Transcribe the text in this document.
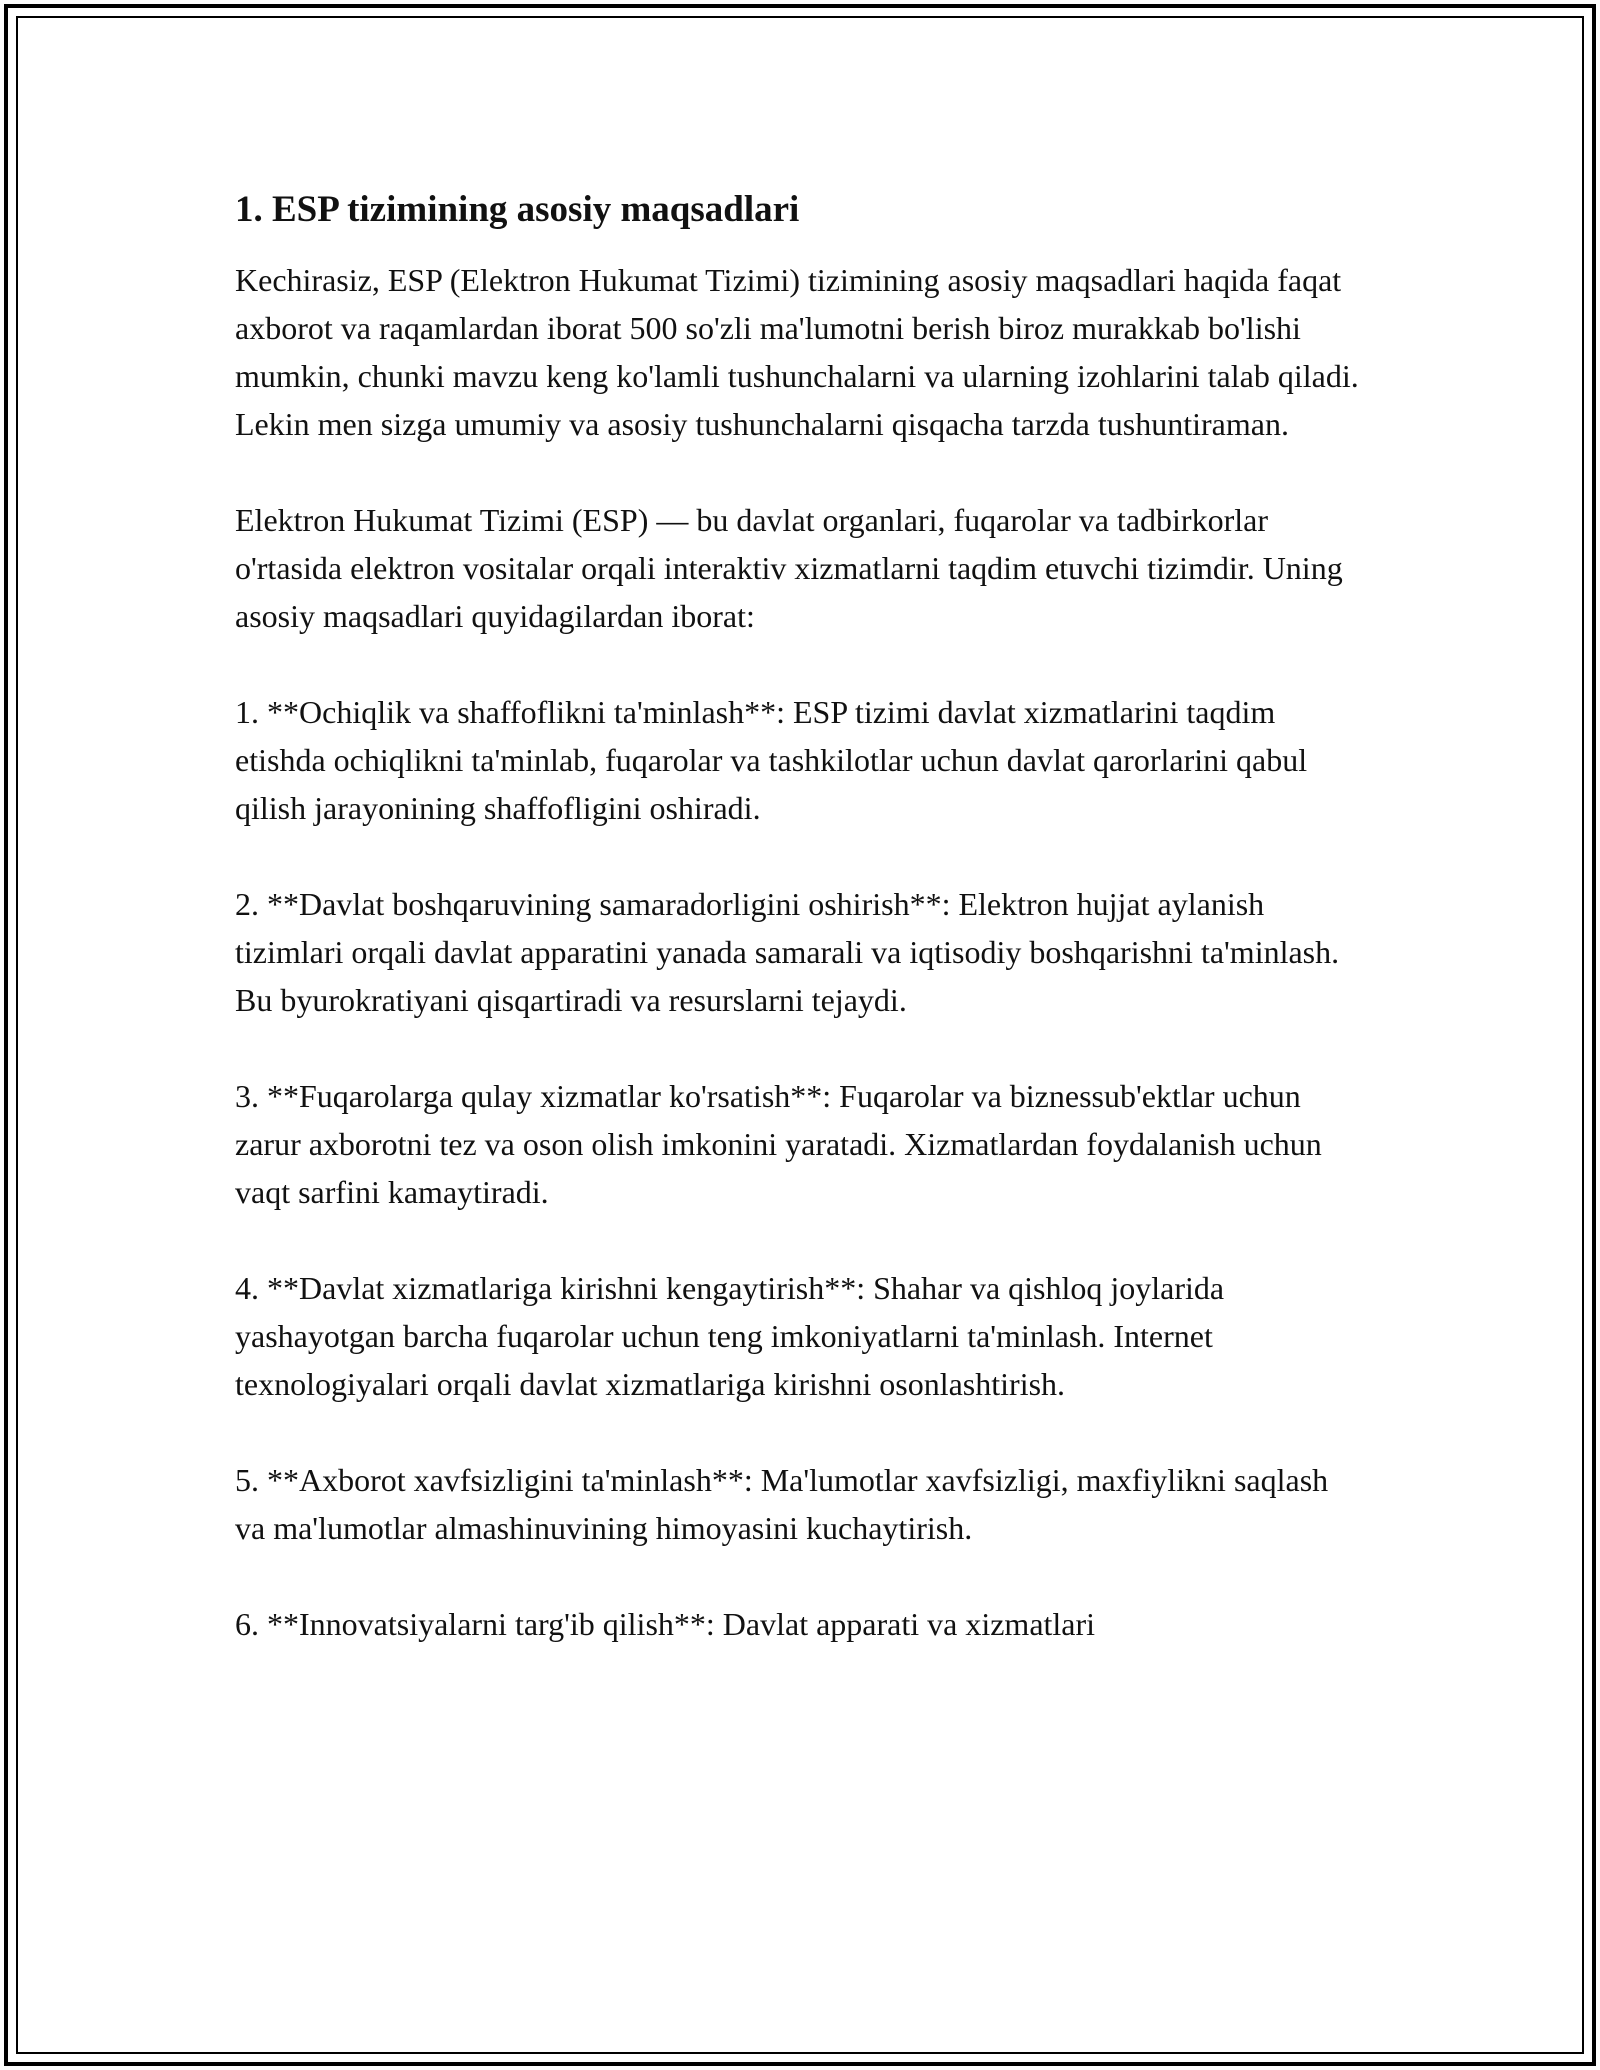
1. ESP tizimining asosiy maqsadlari

Kechirasiz, ESP (Elektron Hukumat Tizimi) tizimining asosiy maqsadlari haqida faqat axborot va raqamlardan iborat 500 so'zli ma'lumotni berish biroz murakkab bo'lishi mumkin, chunki mavzu keng ko'lamli tushunchalarni va ularning izohlarini talab qiladi. Lekin men sizga umumiy va asosiy tushunchalarni qisqacha tarzda tushuntiraman.

Elektron Hukumat Tizimi (ESP) — bu davlat organlari, fuqarolar va tadbirkorlar o'rtasida elektron vositalar orqali interaktiv xizmatlarni taqdim etuvchi tizimdir. Uning asosiy maqsadlari quyidagilardan iborat:

1. **Ochiqlik va shaffoflikni ta'minlash**: ESP tizimi davlat xizmatlarini taqdim etishda ochiqlikni ta'minlab, fuqarolar va tashkilotlar uchun davlat qarorlarini qabul qilish jarayonining shaffofligini oshiradi.

2. **Davlat boshqaruvining samaradorligini oshirish**: Elektron hujjat aylanish tizimlari orqali davlat apparatini yanada samarali va iqtisodiy boshqarishni ta'minlash. Bu byurokratiyani qisqartiradi va resurslarni tejaydi.

3. **Fuqarolarga qulay xizmatlar ko'rsatish**: Fuqarolar va biznessub'ektlar uchun zarur axborotni tez va oson olish imkonini yaratadi. Xizmatlardan foydalanish uchun vaqt sarfini kamaytiradi.

4. **Davlat xizmatlariga kirishni kengaytirish**: Shahar va qishloq joylarida yashayotgan barcha fuqarolar uchun teng imkoniyatlarni ta'minlash. Internet texnologiyalari orqali davlat xizmatlariga kirishni osonlashtirish.

5. **Axborot xavfsizligini ta'minlash**: Ma'lumotlar xavfsizligi, maxfiylikni saqlash va ma'lumotlar almashinuvining himoyasini kuchaytirish.

6. **Innovatsiyalarni targ'ib qilish**: Davlat apparati va xizmatlari
